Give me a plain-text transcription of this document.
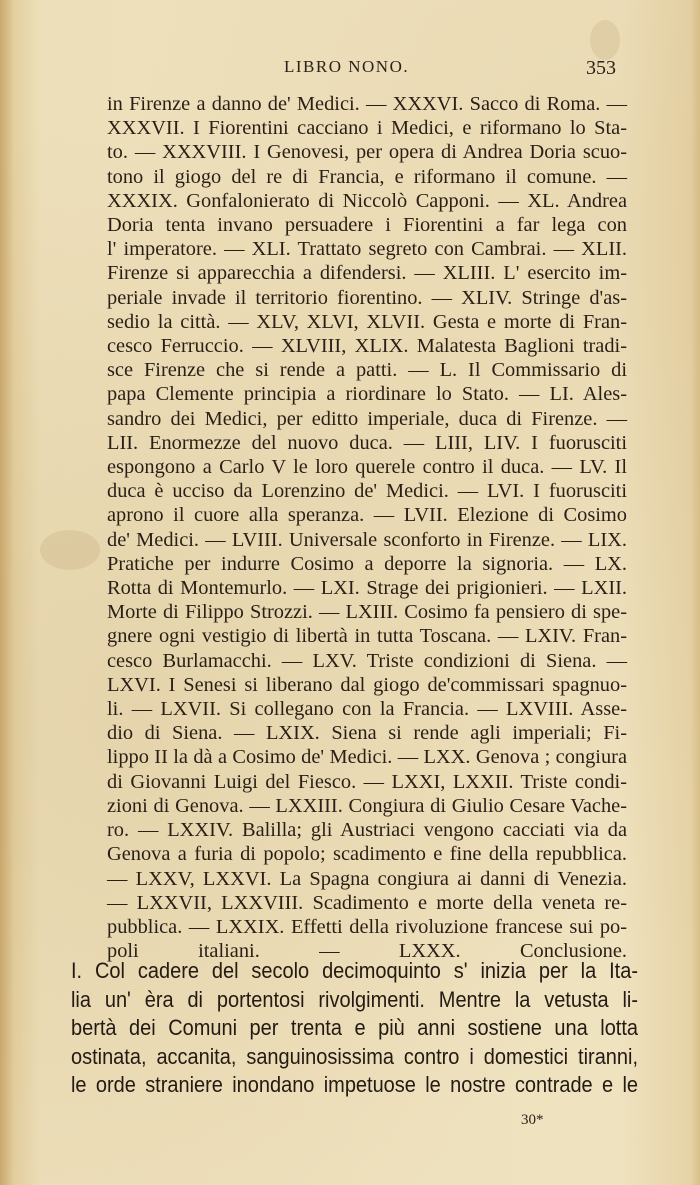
LIBRO NONO.	353
in Firenze a danno de' Medici. — XXXVI. Sacco di Roma. —
XXXVII. I Fiorentini cacciano i Medici, e riformano lo Sta-
to. — XXXVIII. I Genovesi, per opera di Andrea Doria scuo-
tono il giogo del re di Francia, e riformano il comune. —
XXXIX. Gonfalonierato di Niccolò Capponi. — XL. Andrea
Doria tenta invano persuadere i Fiorentini a far lega con
l' imperatore. — XLI. Trattato segreto con Cambrai. — XLII.
Firenze si apparecchia a difendersi. — XLIII. L' esercito im-
periale invade il territorio fiorentino. — XLIV. Stringe d'as-
sedio la città. — XLV, XLVI, XLVII. Gesta e morte di Fran-
cesco Ferruccio. — XLVIII, XLIX. Malatesta Baglioni tradi-
sce Firenze che si rende a patti. — L. Il Commissario di
papa Clemente principia a riordinare lo Stato. — LI. Ales-
sandro dei Medici, per editto imperiale, duca di Firenze. —
LII. Enormezze del nuovo duca. — LIII, LIV. I fuorusciti
espongono a Carlo V le loro querele contro il duca. — LV. Il
duca è ucciso da Lorenzino de' Medici. — LVI. I fuorusciti
aprono il cuore alla speranza. — LVII. Elezione di Cosimo
de' Medici. — LVIII. Universale sconforto in Firenze. — LIX.
Pratiche per indurre Cosimo a deporre la signoria. — LX.
Rotta di Montemurlo. — LXI. Strage dei prigionieri. — LXII.
Morte di Filippo Strozzi. — LXIII. Cosimo fa pensiero di spe-
gnere ogni vestigio di libertà in tutta Toscana. — LXIV. Fran-
cesco Burlamacchi. — LXV. Triste condizioni di Siena. —
LXVI. I Senesi si liberano dal giogo de'commissari spagnuo-
li. — LXVII. Si collegano con la Francia. — LXVIII. Asse-
dio di Siena. — LXIX. Siena si rende agli imperiali; Fi-
lippo II la dà a Cosimo de' Medici. — LXX. Genova ; congiura
di Giovanni Luigi del Fiesco. — LXXI, LXXII. Triste condi-
zioni di Genova. — LXXIII. Congiura di Giulio Cesare Vache-
ro. — LXXIV. Balilla; gli Austriaci vengono cacciati via da
Genova a furia di popolo; scadimento e fine della repubblica.
— LXXV, LXXVI. La Spagna congiura ai danni di Venezia.
— LXXVII, LXXVIII. Scadimento e morte della veneta re-
pubblica. — LXXIX. Effetti della rivoluzione francese sui po-
poli italiani. — LXXX. Conclusione.
I. Col cadere del secolo decimoquinto s' inizia per la Ita-
lia un' èra di portentosi rivolgimenti. Mentre la vetusta li-
bertà dei Comuni per trenta e più anni sostiene una lotta
ostinata, accanita, sanguinosissima contro i domestici tiranni,
le orde straniere inondano impetuose le nostre contrade e le
30*
